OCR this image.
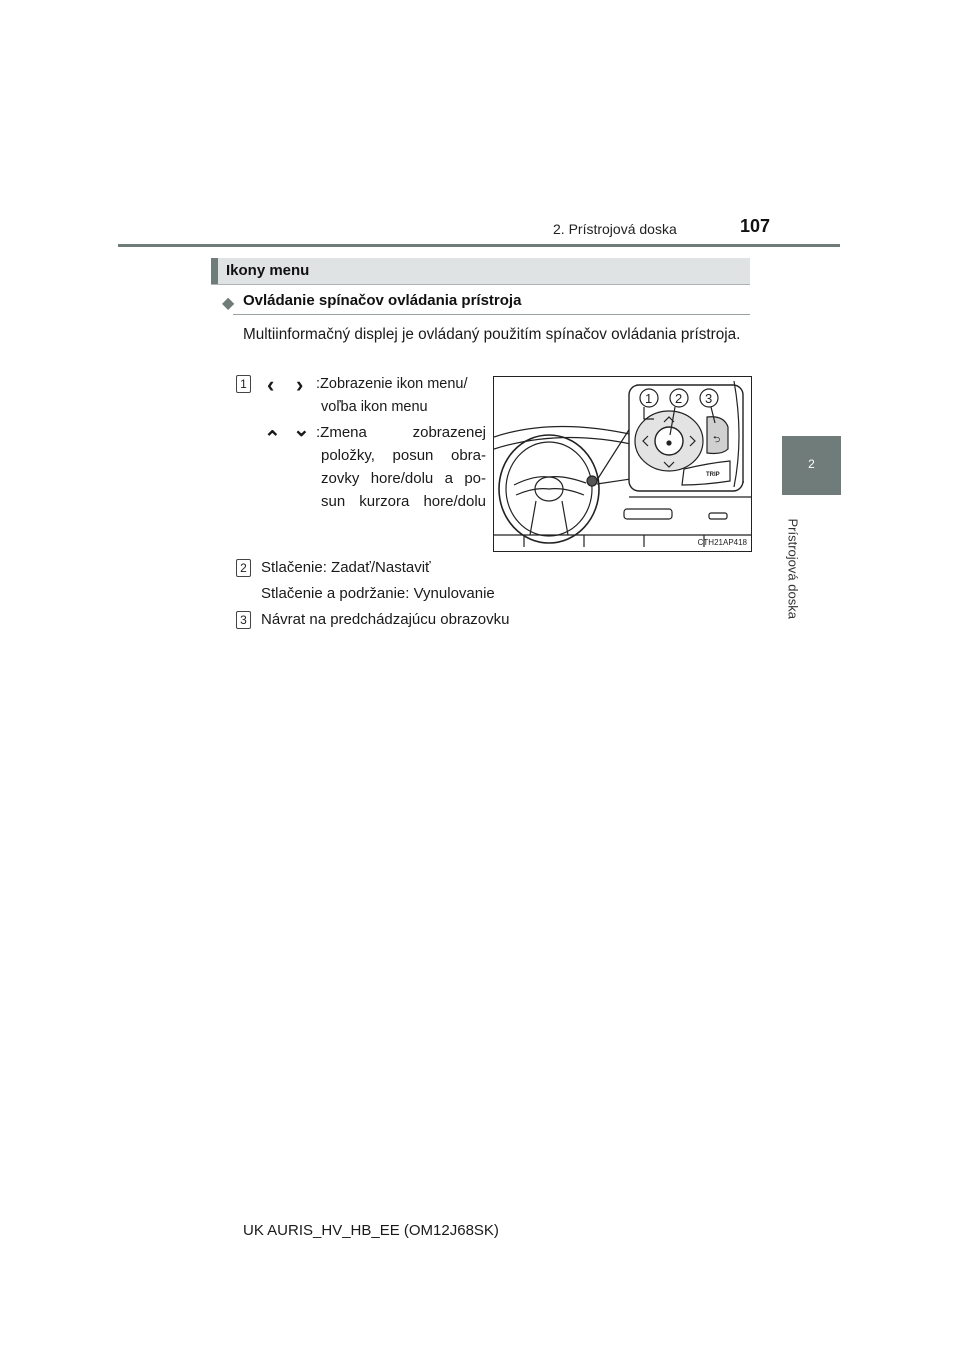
2. Prístrojová doska	107
2
Prístrojová doska
Ikony menu
◆ Ovládanie spínačov ovládania prístroja
Multiinformačný displej je ovládaný použitím spínačov ovládania prístroja.
1 ‹ › :Zobrazenie ikon menu/
voľba ikon menu
⌃ ⌄ :Zmena zobrazenej
položky, posun obra-
zovky hore/dolu a po-
sun kurzora hore/dolu
1 2 3
TRIP
⮌
CTH21AP418
2 Stlačenie: Zadať/Nastaviť
Stlačenie a podržanie: Vynulovanie
3 Návrat na predchádzajúcu obrazovku
UK AURIS_HV_HB_EE (OM12J68SK)
